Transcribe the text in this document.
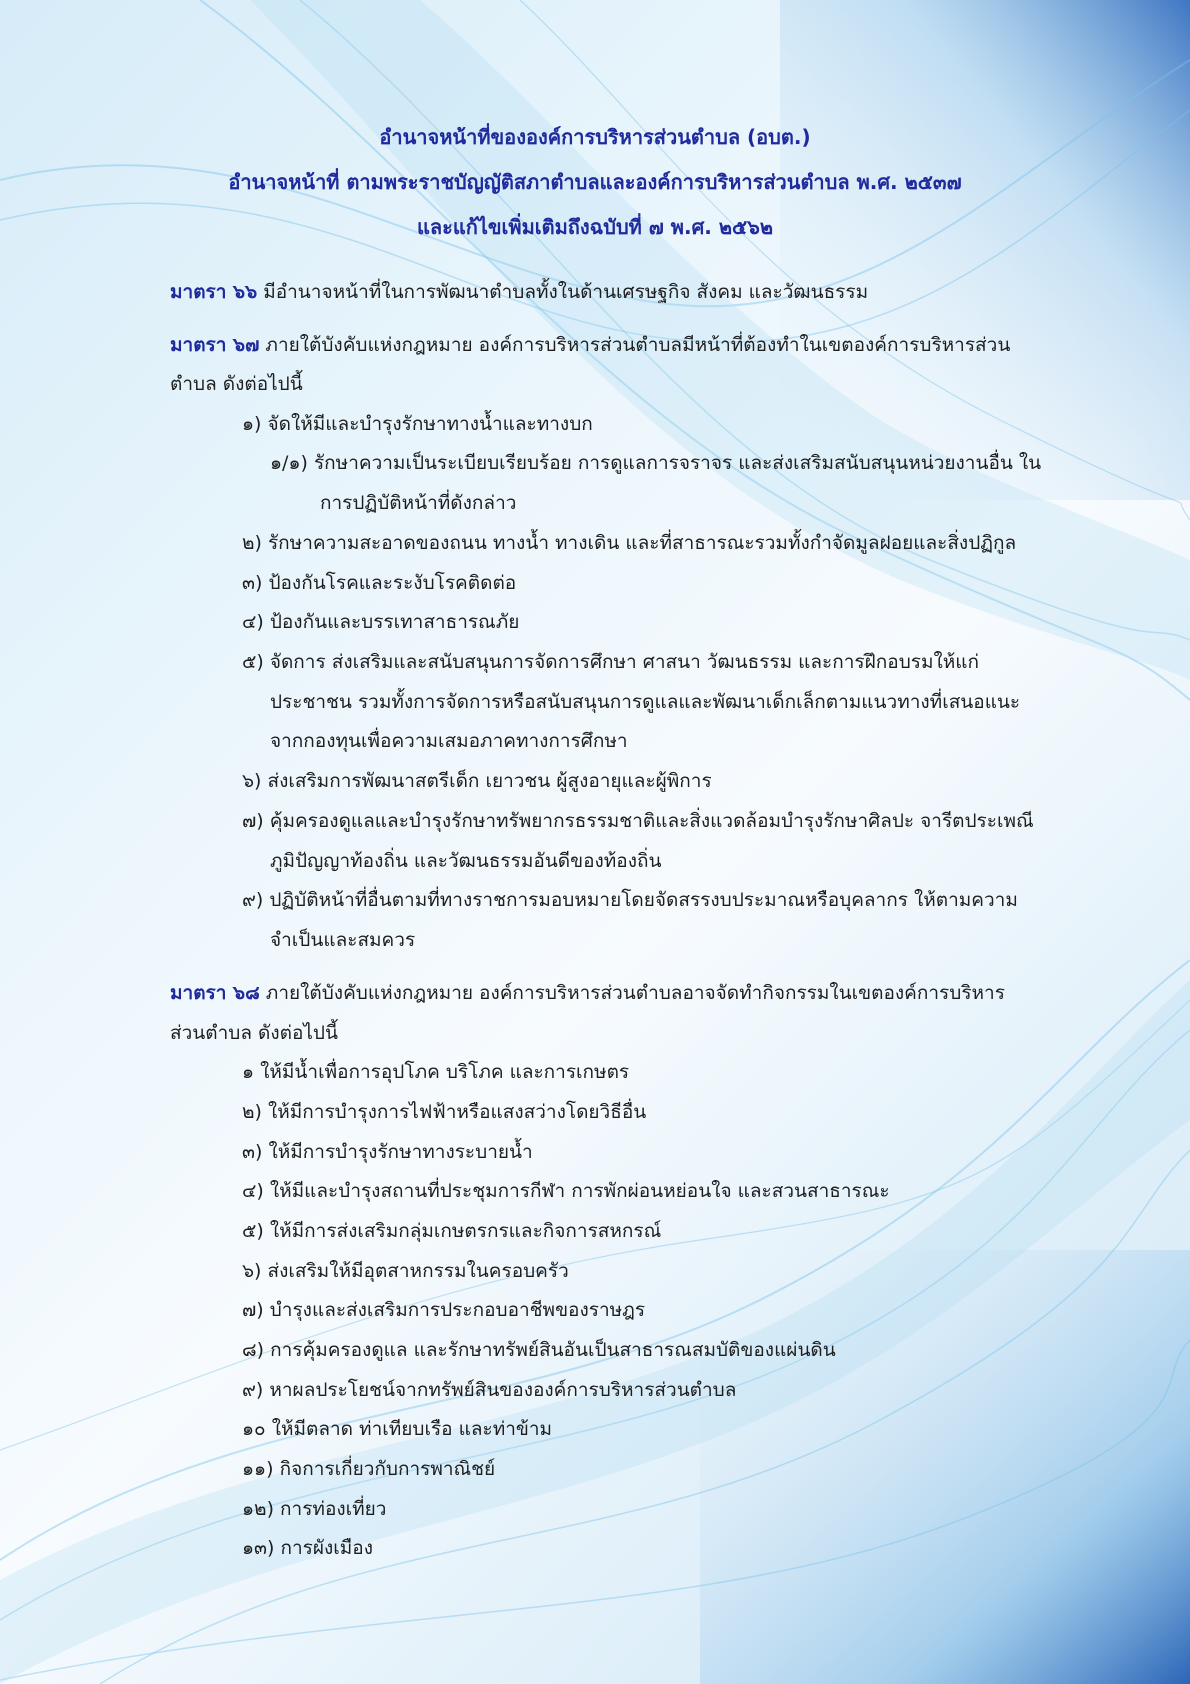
อำนาจหน้าที่ขององค์การบริหารส่วนตำบล (อบต.)
อำนาจหน้าที่ ตามพระราชบัญญัติสภาตำบลและองค์การบริหารส่วนตำบล พ.ศ. ๒๕๓๗
และแก้ไขเพิ่มเติมถึงฉบับที่ ๗ พ.ศ. ๒๕๖๒
มาตรา ๖๖ มีอำนาจหน้าที่ในการพัฒนาตำบลทั้งในด้านเศรษฐกิจ สังคม และวัฒนธรรม
มาตรา ๖๗ ภายใต้บังคับแห่งกฎหมาย องค์การบริหารส่วนตำบลมีหน้าที่ต้องทำในเขตองค์การบริหารส่วน
ตำบล ดังต่อไปนี้
๑) จัดให้มีและบำรุงรักษาทางน้ำและทางบก
๑/๑) รักษาความเป็นระเบียบเรียบร้อย การดูแลการจราจร และส่งเสริมสนับสนุนหน่วยงานอื่น ใน
การปฏิบัติหน้าที่ดังกล่าว
๒) รักษาความสะอาดของถนน ทางน้ำ ทางเดิน และที่สาธารณะรวมทั้งกำจัดมูลฝอยและสิ่งปฏิกูล
๓) ป้องกันโรคและระงับโรคติดต่อ
๔) ป้องกันและบรรเทาสาธารณภัย
๕) จัดการ ส่งเสริมและสนับสนุนการจัดการศึกษา ศาสนา วัฒนธรรม และการฝึกอบรมให้แก่
ประชาชน รวมทั้งการจัดการหรือสนับสนุนการดูแลและพัฒนาเด็กเล็กตามแนวทางที่เสนอแนะ
จากกองทุนเพื่อความเสมอภาคทางการศึกษา
๖) ส่งเสริมการพัฒนาสตรีเด็ก เยาวชน ผู้สูงอายุและผู้พิการ
๗) คุ้มครองดูแลและบำรุงรักษาทรัพยากรธรรมชาติและสิ่งแวดล้อมบำรุงรักษาศิลปะ จารีตประเพณี
ภูมิปัญญาท้องถิ่น และวัฒนธรรมอันดีของท้องถิ่น
๙) ปฏิบัติหน้าที่อื่นตามที่ทางราชการมอบหมายโดยจัดสรรงบประมาณหรือบุคลากร ให้ตามความ
จำเป็นและสมควร
มาตรา ๖๘ ภายใต้บังคับแห่งกฎหมาย องค์การบริหารส่วนตำบลอาจจัดทำกิจกรรมในเขตองค์การบริหาร
ส่วนตำบล ดังต่อไปนี้
๑ ให้มีน้ำเพื่อการอุปโภค บริโภค และการเกษตร
๒) ให้มีการบำรุงการไฟฟ้าหรือแสงสว่างโดยวิธีอื่น
๓) ให้มีการบำรุงรักษาทางระบายน้ำ
๔) ให้มีและบำรุงสถานที่ประชุมการกีฬา การพักผ่อนหย่อนใจ และสวนสาธารณะ
๕) ให้มีการส่งเสริมกลุ่มเกษตรกรและกิจการสหกรณ์
๖) ส่งเสริมให้มีอุตสาหกรรมในครอบครัว
๗) บำรุงและส่งเสริมการประกอบอาชีพของราษฎร
๘) การคุ้มครองดูแล และรักษาทรัพย์สินอันเป็นสาธารณสมบัติของแผ่นดิน
๙) หาผลประโยชน์จากทรัพย์สินขององค์การบริหารส่วนตำบล
๑๐ ให้มีตลาด ท่าเทียบเรือ และท่าข้าม
๑๑) กิจการเกี่ยวกับการพาณิชย์
๑๒) การท่องเที่ยว
๑๓) การผังเมือง
